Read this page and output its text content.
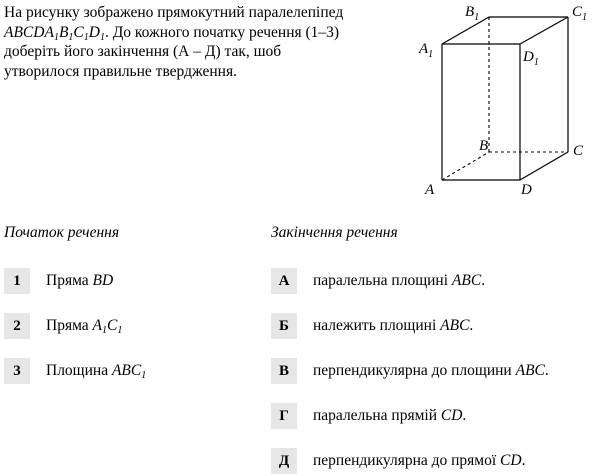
На рисунку зображено прямокутний паралелепіпед
$ABCDA_1B_1C_1D_1$. До кожного початку речення (1–3)
доберіть його закінчення (А – Д) так, шоб
утворилося правильне твердження.
$B_1$	$C_1$
$A_1$	$D_1$
B	C
A	D
Початок речення	Закінчення речення
1	Пряма BD
2	Пряма $A_1C_1$
3	Площина $ABC_1$
А	паралельна площині ABC.
Б	належить площині ABC.
В	перпендикулярна до площини ABC.
Г	паралельна прямій CD.
Д	перпендикулярна до прямої CD.
